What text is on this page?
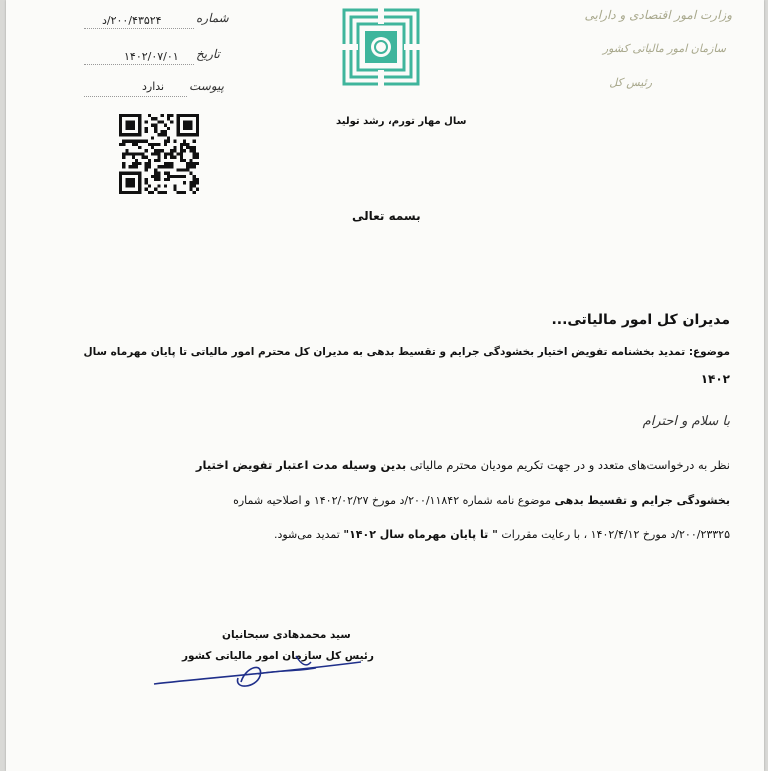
شماره
۲۰۰/۴۳۵۲۴/د
تاریخ
۱۴۰۲/۰۷/۰۱
پیوست
ندارد
سال مهار تورم، رشد تولید
وزارت امور اقتصادی و دارایی
سازمان امور مالیاتی کشور
رئیس کل
بسمه تعالی
مدیران کل امور مالیاتی...
موضوع: تمدید بخشنامه تفویض اختیار بخشودگی جرایم و تقسیط بدهی به مدیران کل محترم امور مالیاتی تا پایان مهرماه سال
۱۴۰۲
با سلام و احترام
نظر به درخواست‌های متعدد و در جهت تکریم مودیان محترم مالیاتی بدین وسیله مدت اعتبار تفویض اختیار
بخشودگی جرایم و تقسیط بدهی موضوع نامه شماره ۲۰۰/۱۱۸۴۲/د مورخ ۱۴۰۲/۰۲/۲۷ و اصلاحیه شماره
۲۰۰/۲۳۳۲۵/د مورخ ۱۴۰۲/۴/۱۲ ، با رعایت مقررات " تا پایان مهرماه سال ۱۴۰۲" تمدید می‌شود.
سید محمدهادی سبحانیان
رئیس کل سازمان امور مالیاتی کشور
